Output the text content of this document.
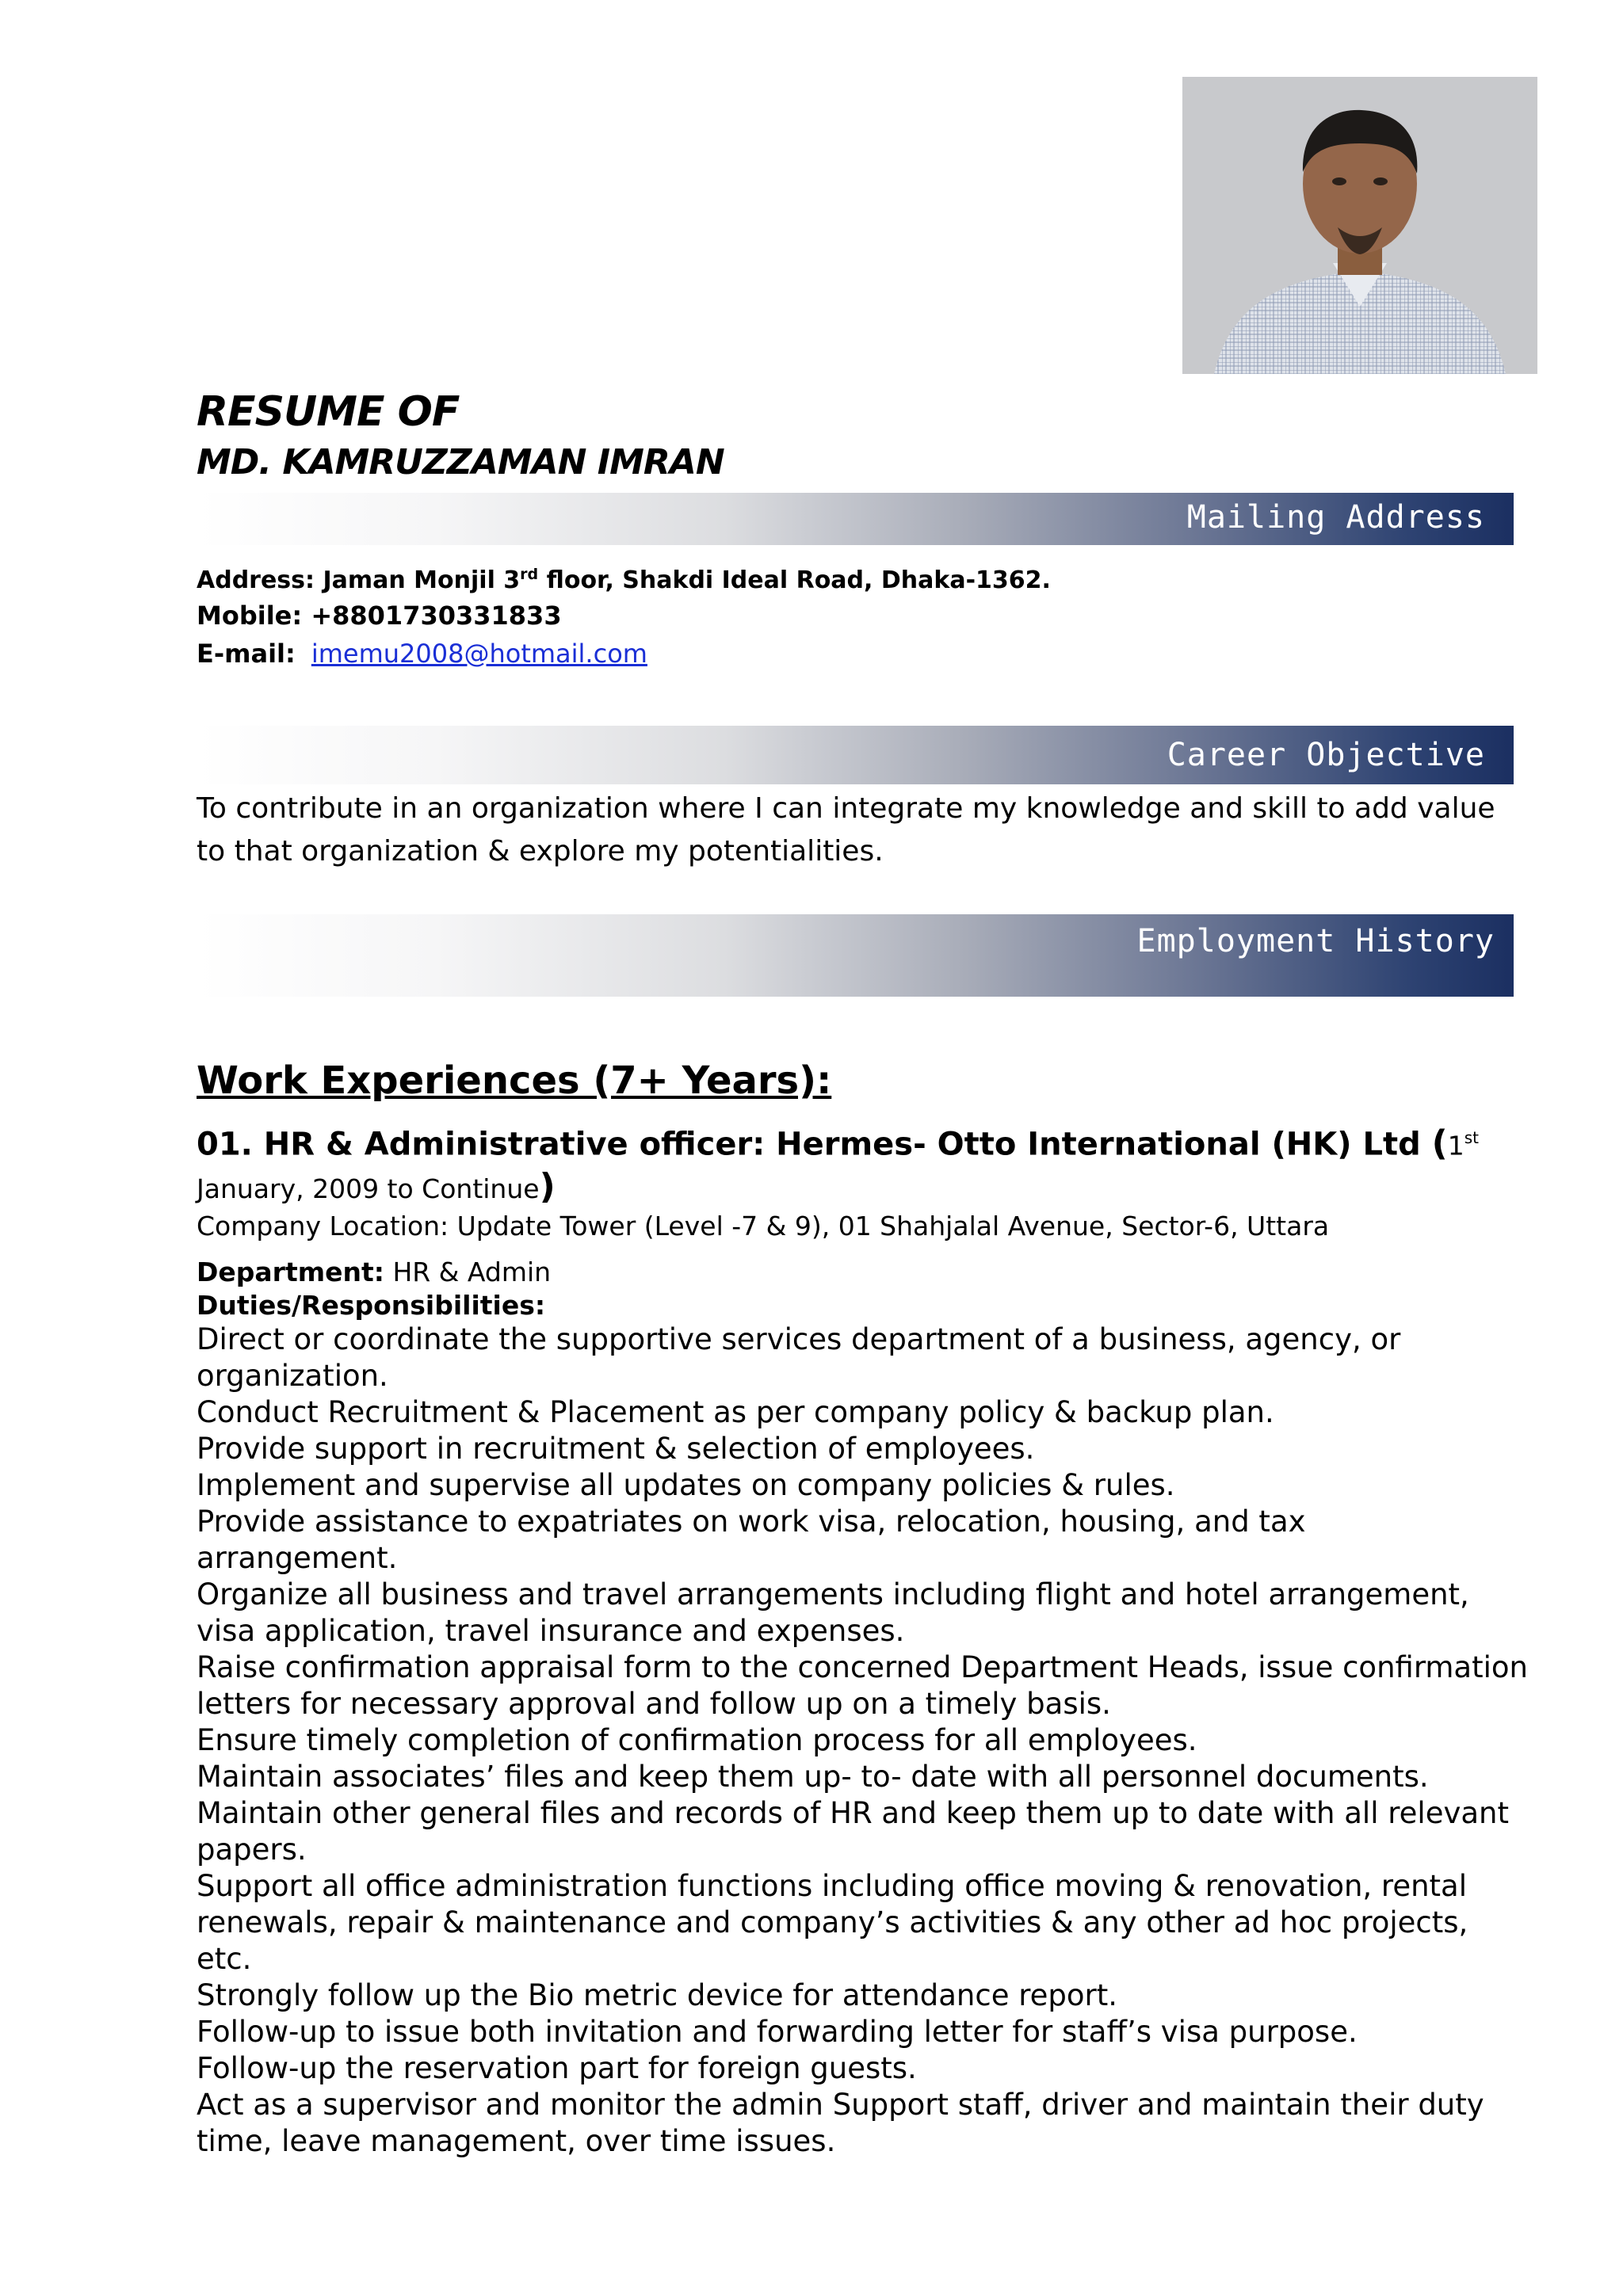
RESUME OF
MD. KAMRUZZAMAN IMRAN
Mailing Address
Address: Jaman Monjil 3rd floor, Shakdi Ideal Road, Dhaka-1362.
Mobile: +8801730331833
E-mail: imemu2008@hotmail.com
Career Objective
To contribute in an organization where I can integrate my knowledge and skill to add value to that organization & explore my potentialities.
Employment History
Work Experiences (7+ Years):
01. HR & Administrative officer: Hermes- Otto International (HK) Ltd (1st January, 2009 to Continue)
Company Location: Update Tower (Level -7 & 9), 01 Shahjalal Avenue, Sector-6, Uttara
Department: HR & Admin
Duties/Responsibilities:
Direct or coordinate the supportive services department of a business, agency, or organization.
Conduct Recruitment & Placement as per company policy & backup plan.
Provide support in recruitment & selection of employees.
Implement and supervise all updates on company policies & rules.
Provide assistance to expatriates on work visa, relocation, housing, and tax   arrangement.
Organize all business and travel arrangements including flight and hotel arrangement, visa application, travel insurance and expenses.
Raise confirmation appraisal form to the concerned Department Heads, issue confirmation letters for necessary approval and follow up on a timely basis.
Ensure timely completion of confirmation process for all employees.
Maintain associates’ files and keep them up- to- date with all personnel documents.
Maintain other general files and records of HR and keep them up to date with all relevant papers.
Support all office administration functions including office moving & renovation, rental renewals, repair & maintenance and company’s activities & any other ad hoc projects, etc.
Strongly follow up the Bio metric device for attendance report.
Follow-up to issue both invitation and forwarding letter for staff’s visa purpose.
Follow-up the reservation part for foreign guests.
Act as a supervisor and monitor the admin Support staff, driver and maintain their duty time, leave management, over time issues.
